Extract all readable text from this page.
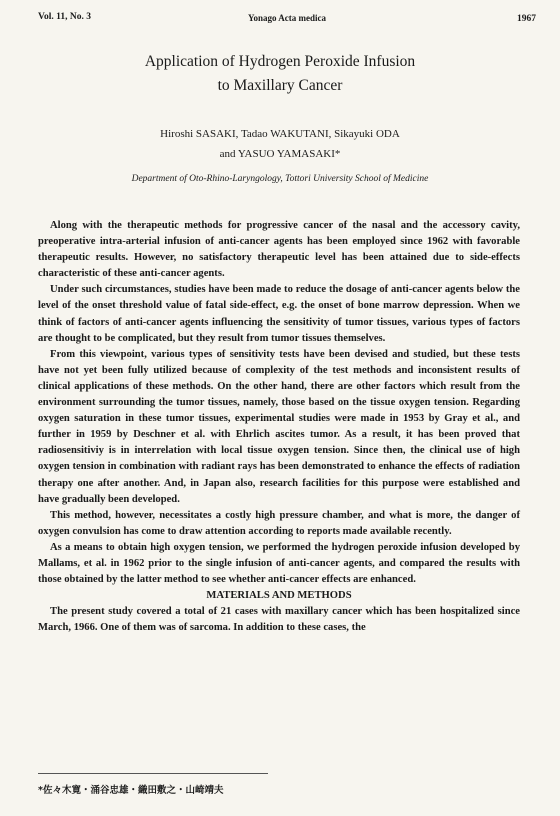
Vol. 11, No. 3	Yonago Acta medica	1967
Application of Hydrogen Peroxide Infusion
to Maxillary Cancer
Hiroshi SASAKI, Tadao WAKUTANI, Sikayuki ODA
and YASUO YAMASAKI*
Department of Oto-Rhino-Laryngology, Tottori University School of Medicine

Along with the therapeutic methods for progressive cancer of the nasal and the accessory cavity, preoperative intra-arterial infusion of anti-cancer agents has been employed since 1962 with favorable therapeutic results. However, no satisfactory therapeutic level has been attained due to side-effects characteristic of these anti-cancer agents.

Under such circumstances, studies have been made to reduce the dosage of anti-cancer agents below the level of the onset threshold value of fatal side-effect, e.g. the onset of bone marrow depression. When we think of factors of anti-cancer agents influencing the sensitivity of tumor tissues, various types of factors are thought to be complicated, but they result from tumor tissues themselves.

From this viewpoint, various types of sensitivity tests have been devised and studied, but these tests have not yet been fully utilized because of complexity of the test methods and inconsistent results of clinical applications of these methods. On the other hand, there are other factors which result from the environment surrounding the tumor tissues, namely, those based on the tissue oxygen tension. Regarding oxygen saturation in these tumor tissues, experimental studies were made in 1953 by Gray et al., and further in 1959 by Deschner et al. with Ehrlich ascites tumor. As a result, it has been proved that radiosensitiviy is in interrelation with local tissue oxygen tension. Since then, the clinical use of high oxygen tension in combination with radiant rays has been demonstrated to enhance the effects of radiation therapy one after another. And, in Japan also, research facilities for this purpose were established and have gradually been developed.

This method, however, necessitates a costly high pressure chamber, and what is more, the danger of oxygen convulsion has come to draw attention according to reports made available recently.

As a means to obtain high oxygen tension, we performed the hydrogen peroxide infusion developed by Mallams, et al. in 1962 prior to the single infusion of anti-cancer agents, and compared the results with those obtained by the latter method to see whether anti-cancer effects are enhanced.

MATERIALS AND METHODS

The present study covered a total of 21 cases with maxillary cancer which has been hospitalized since March, 1966. One of them was of sarcoma. In addition to these cases, the

*佐々木寛・涌谷忠雄・織田敷之・山崎靖夫
